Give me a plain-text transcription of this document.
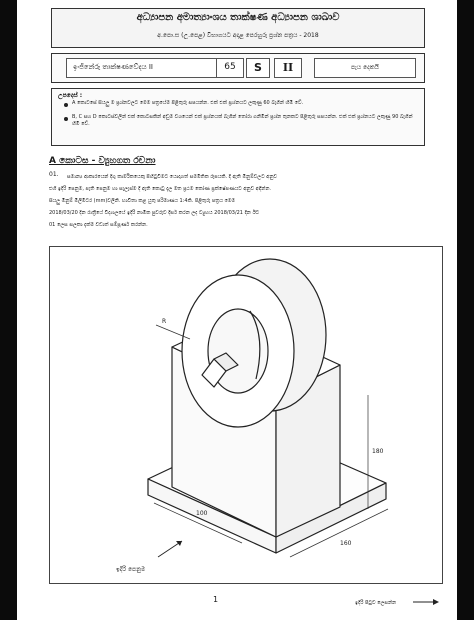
අධ්‍යාපන අමාත්‍යාංශය තාක්ෂණ අධ්‍යාපන ශාඛාව
අ.පො.ස (උ.පෙළ) විභාගයට අදාළ පෙරහුරු ප්‍රශ්න පත්‍රය - 2018
ඉංජිනේරු තාක්ෂණවේදය II	65	S	II	පැය දෙකයි
උපදෙස් :
A කොටසේ සියලු ම ප්‍රශ්නවලට මෙම පත්‍රයේම පිළිතුරු සපයන්න. එක් එක් ප්‍රශ්නයට ලකුණු 60 බැගින් හිමි වේ.
B, C සහ D කොටස්වලින් එක් කොටසකින් අඩුම වශයෙන් එක් ප්‍රශ්නයක් බැගින් තෝරා ගනිමින් ප්‍රශ්න තුනකට පිළිතුරු සපයන්න. එක් එක් ප්‍රශ්නයට ලකුණු 90 බැගින් හිමි වේ.
A කොටස - ව්‍යුහගත රචනා
01. සමාන්‍ය ආකාරයෙන් දිගු කාර්මිකයෙකු පිහිටුවීමට යොදාගත් සමමිතික රූපයකි. දී ඇති මිනුම්වලට අනුව
එහි ඉදිරි පෙනුම, පැති පෙනුම හා සැලැස්ම දී ඇති කොටු දැල මත ප්‍රථම කෝණ ප්‍රක්ෂේපණයට අනුව අඳින්න.
සියලු මිනුම් මිලිමීටර (mm)වලිනි. භාවිතා කළ යුතු පරිමාණය 1:4කි. පිළිතුරු පත්‍රය මෙම
2018/03/20 දින රාත්‍රීයේ විද්‍යාලයේ ඉදිරි නාමික පුවරුව දීර්ඝ කරන ලද ව්‍යුහය 2018/03/21 දින ඊට
01 ලෙස සලකා දැක්ම වඩාත් සම්පූර්ණ කරන්න.
100
160
180
R
ඉදිරි පෙනුම
1	ඉදිරි පිටුව ලෙසන්න
